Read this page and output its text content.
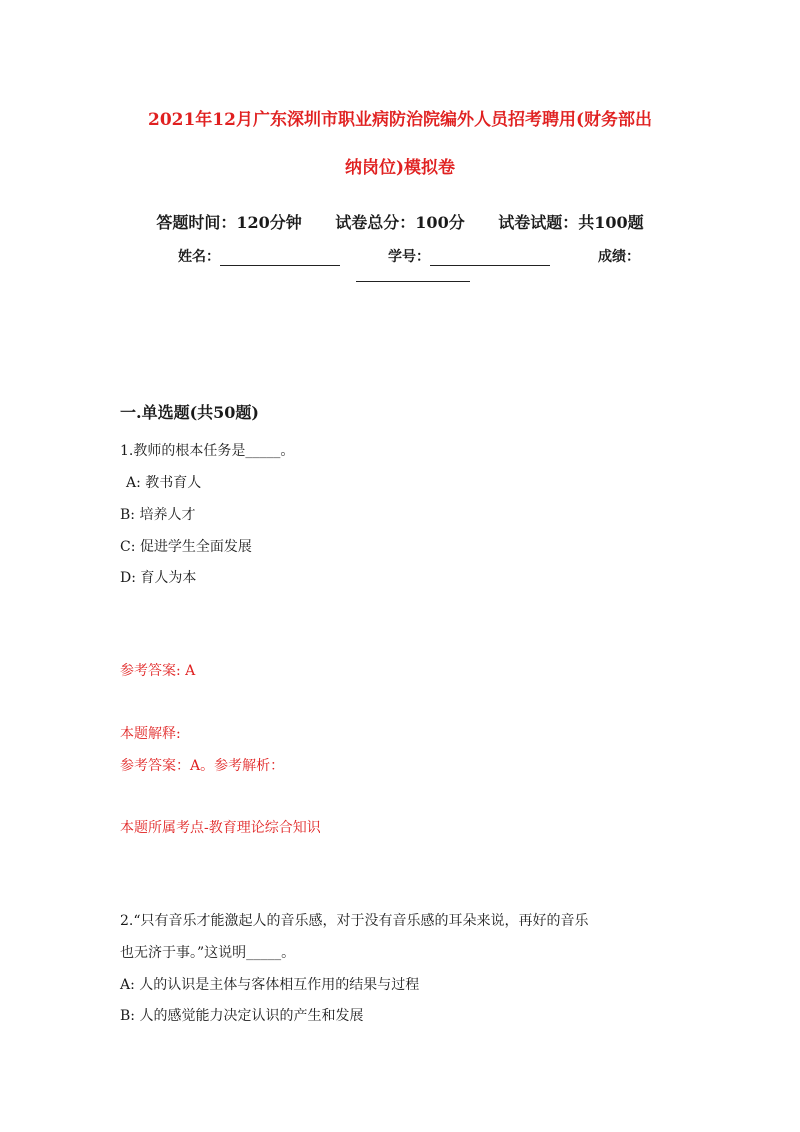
2021年12月广东深圳市职业病防治院编外人员招考聘用(财务部出
纳岗位)模拟卷
答题时间：120分钟 试卷总分：100分 试卷试题：共100题
姓名：	学号：	成绩：
一.单选题(共50题)
1.教师的根本任务是_____。
A: 教书育人
B: 培养人才
C: 促进学生全面发展
D: 育人为本
参考答案: A
本题解释:
参考答案：A。参考解析：
本题所属考点-教育理论综合知识
2.“只有音乐才能激起人的音乐感，对于没有音乐感的耳朵来说，再好的音乐
也无济于事。”这说明_____。
A: 人的认识是主体与客体相互作用的结果与过程
B: 人的感觉能力决定认识的产生和发展
